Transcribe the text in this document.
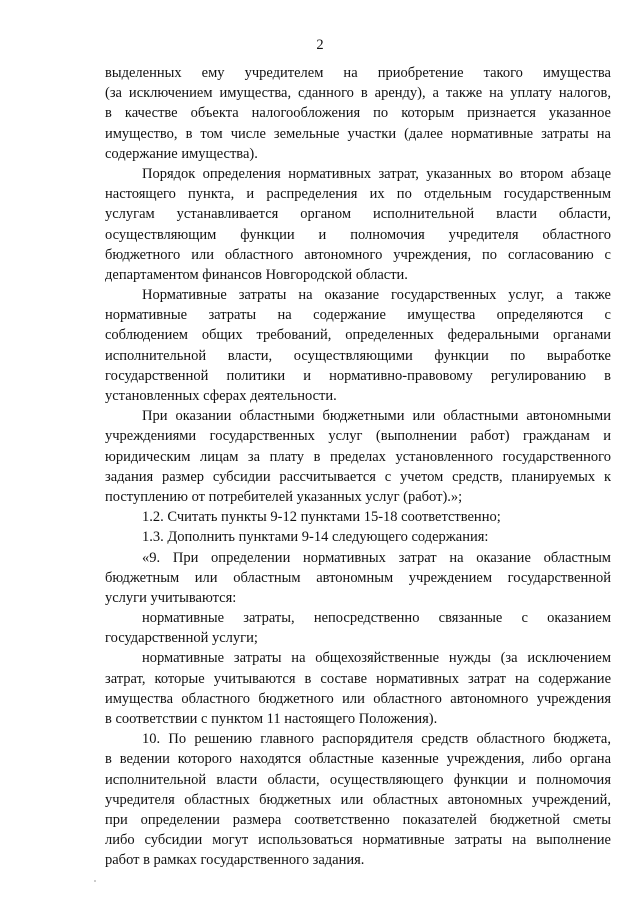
2
выделенных ему учредителем на приобретение такого имущества
(за исключением имущества, сданного в аренду), а также на уплату налогов,
в качестве объекта налогообложения по которым признается указанное
имущество, в том числе земельные участки (далее нормативные затраты на
содержание имущества).
Порядок определения нормативных затрат, указанных во втором абзаце
настоящего пункта, и распределения их по отдельным государственным
услугам устанавливается органом исполнительной власти области,
осуществляющим функции и полномочия учредителя областного
бюджетного или областного автономного учреждения, по согласованию с
департаментом финансов Новгородской области.
Нормативные затраты на оказание государственных услуг, а также
нормативные затраты на содержание имущества определяются с
соблюдением общих требований, определенных федеральными органами
исполнительной власти, осуществляющими функции по выработке
государственной политики и нормативно-правовому регулированию в
установленных сферах деятельности.
При оказании областными бюджетными или областными автономными
учреждениями государственных услуг (выполнении работ) гражданам и
юридическим лицам за плату в пределах установленного государственного
задания размер субсидии рассчитывается с учетом средств, планируемых к
поступлению от потребителей указанных услуг (работ).»;
1.2. Считать пункты 9-12 пунктами 15-18 соответственно;
1.3. Дополнить пунктами 9-14 следующего содержания:
«9. При определении нормативных затрат на оказание областным
бюджетным или областным автономным учреждением государственной
услуги учитываются:
нормативные затраты, непосредственно связанные с оказанием
государственной услуги;
нормативные затраты на общехозяйственные нужды (за исключением
затрат, которые учитываются в составе нормативных затрат на содержание
имущества областного бюджетного или областного автономного учреждения
в соответствии с пунктом 11 настоящего Положения).
10. По решению главного распорядителя средств областного бюджета,
в ведении которого находятся областные казенные учреждения, либо органа
исполнительной власти области, осуществляющего функции и полномочия
учредителя областных бюджетных или областных автономных учреждений,
при определении размера соответственно показателей бюджетной сметы
либо субсидии могут использоваться нормативные затраты на выполнение
работ в рамках государственного задания.
